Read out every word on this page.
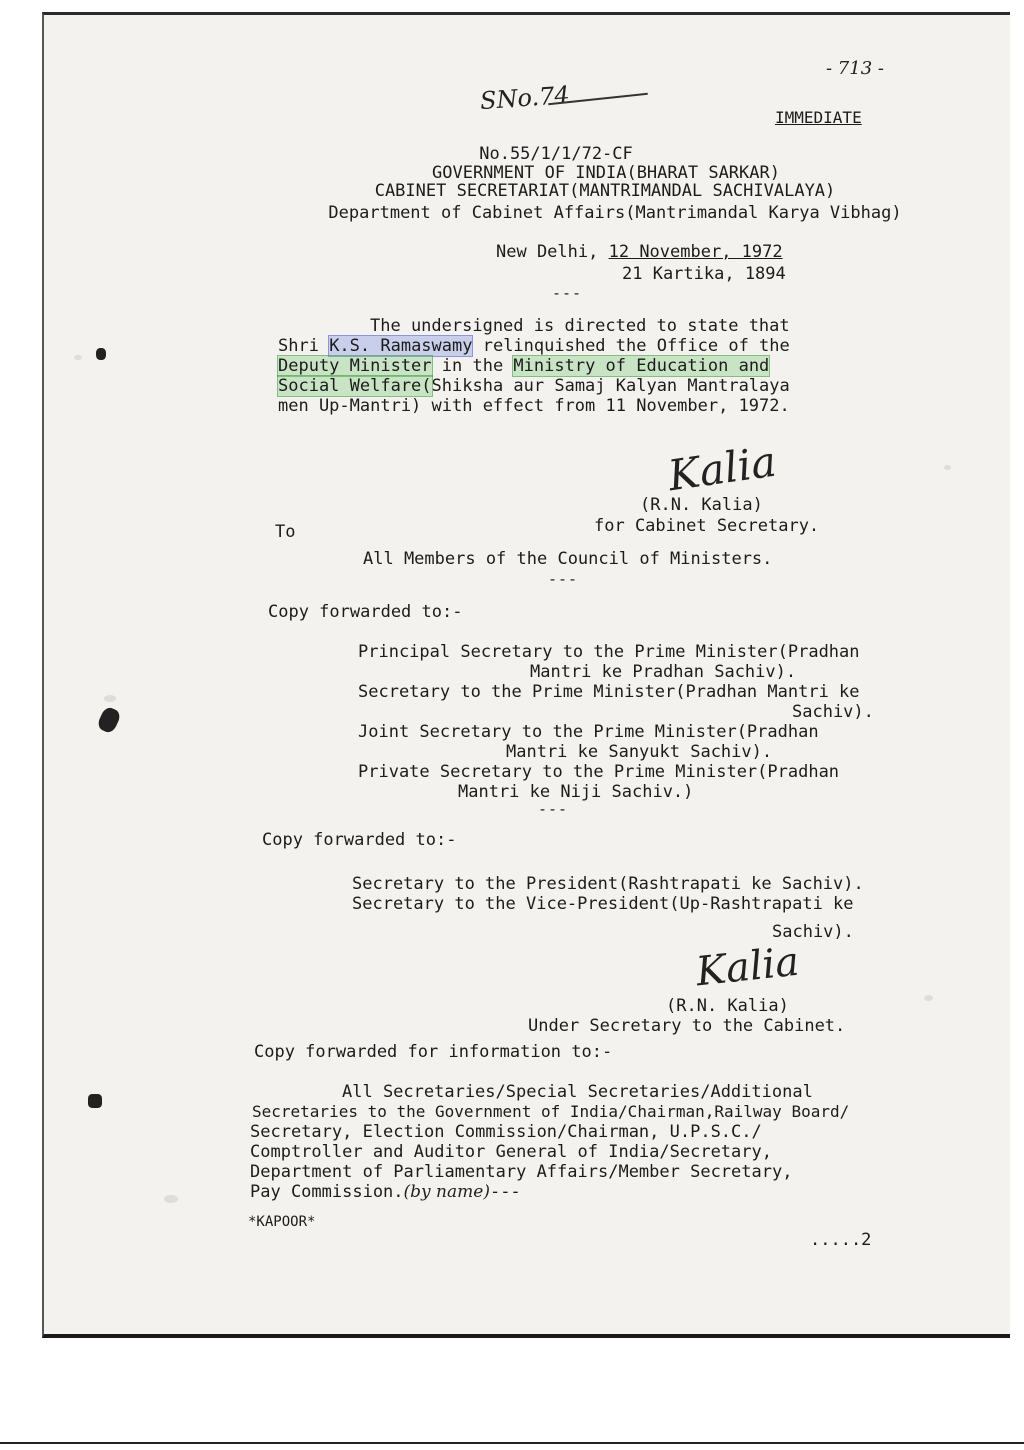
SNo.74
- 713 -
IMMEDIATE
No.55/1/1/72-CF
GOVERNMENT OF INDIA(BHARAT SARKAR)
CABINET SECRETARIAT(MANTRIMANDAL SACHIVALAYA)
Department of Cabinet Affairs(Mantrimandal Karya Vibhag)
New Delhi, 12 November, 1972
21 Kartika, 1894
---
The undersigned is directed to state that
Shri K.S. Ramaswamy relinquished the Office of the
Deputy Minister in the Ministry of Education and
Social Welfare(Shiksha aur Samaj Kalyan Mantralaya
men Up-Mantri) with effect from 11 November, 1972.
Kalia
(R.N. Kalia)
for Cabinet Secretary.
To
All Members of the Council of Ministers.
---
Copy forwarded to:-
Principal Secretary to the Prime Minister(Pradhan
Mantri ke Pradhan Sachiv).
Secretary to the Prime Minister(Pradhan Mantri ke
Sachiv).
Joint Secretary to the Prime Minister(Pradhan
Mantri ke Sanyukt Sachiv).
Private Secretary to the Prime Minister(Pradhan
Mantri ke Niji Sachiv.)
---
Copy forwarded to:-
Secretary to the President(Rashtrapati ke Sachiv).
Secretary to the Vice-President(Up-Rashtrapati ke
Sachiv).
Kalia
(R.N. Kalia)
Under Secretary to the Cabinet.
Copy forwarded for information to:-
All Secretaries/Special Secretaries/Additional
Secretaries to the Government of India/Chairman,Railway Board/
Secretary, Election Commission/Chairman, U.P.S.C./
Comptroller and Auditor General of India/Secretary,
Department of Parliamentary Affairs/Member Secretary,
Pay Commission.(by name)---
*KAPOOR*
.....2
